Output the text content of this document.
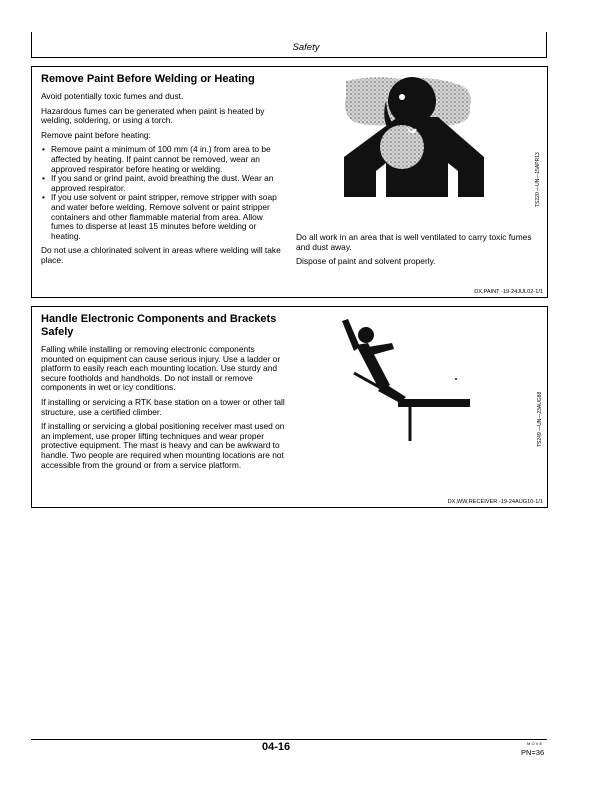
Safety
Remove Paint Before Welding or Heating

Avoid potentially toxic fumes and dust.

Hazardous fumes can be generated when paint is heated by welding, soldering, or using a torch.

Remove paint before heating:

• Remove paint a minimum of 100 mm (4 in.) from area to be affected by heating. If paint cannot be removed, wear an approved respirator before heating or welding.
• If you sand or grind paint, avoid breathing the dust. Wear an approved respirator.
• If you use solvent or paint stripper, remove stripper with soap and water before welding. Remove solvent or paint stripper containers and other flammable material from area. Allow fumes to disperse at least 15 minutes before welding or heating.

Do not use a chlorinated solvent in areas where welding will take place.

TS220 —UN—15APR13

Do all work in an area that is well ventilated to carry toxic fumes and dust away.

Dispose of paint and solvent properly.

DX,PAINT -19-24JUL02-1/1
Handle Electronic Components and Brackets Safely

Falling while installing or removing electronic components mounted on equipment can cause serious injury. Use a ladder or platform to easily reach each mounting location. Use sturdy and secure footholds and handholds. Do not install or remove components in wet or icy conditions.

If installing or servicing a RTK base station on a tower or other tall structure, use a certified climber.

If installing or servicing a global positioning receiver mast used on an implement, use proper lifting techniques and wear proper protective equipment. The mast is heavy and can be awkward to handle. Two people are required when mounting locations are not accessible from the ground or from a service platform.

TS249 —UN—23AUG88
DX,WW,RECEIVER -19-24AUG10-1/1
04-16	M O V E
PN=36
